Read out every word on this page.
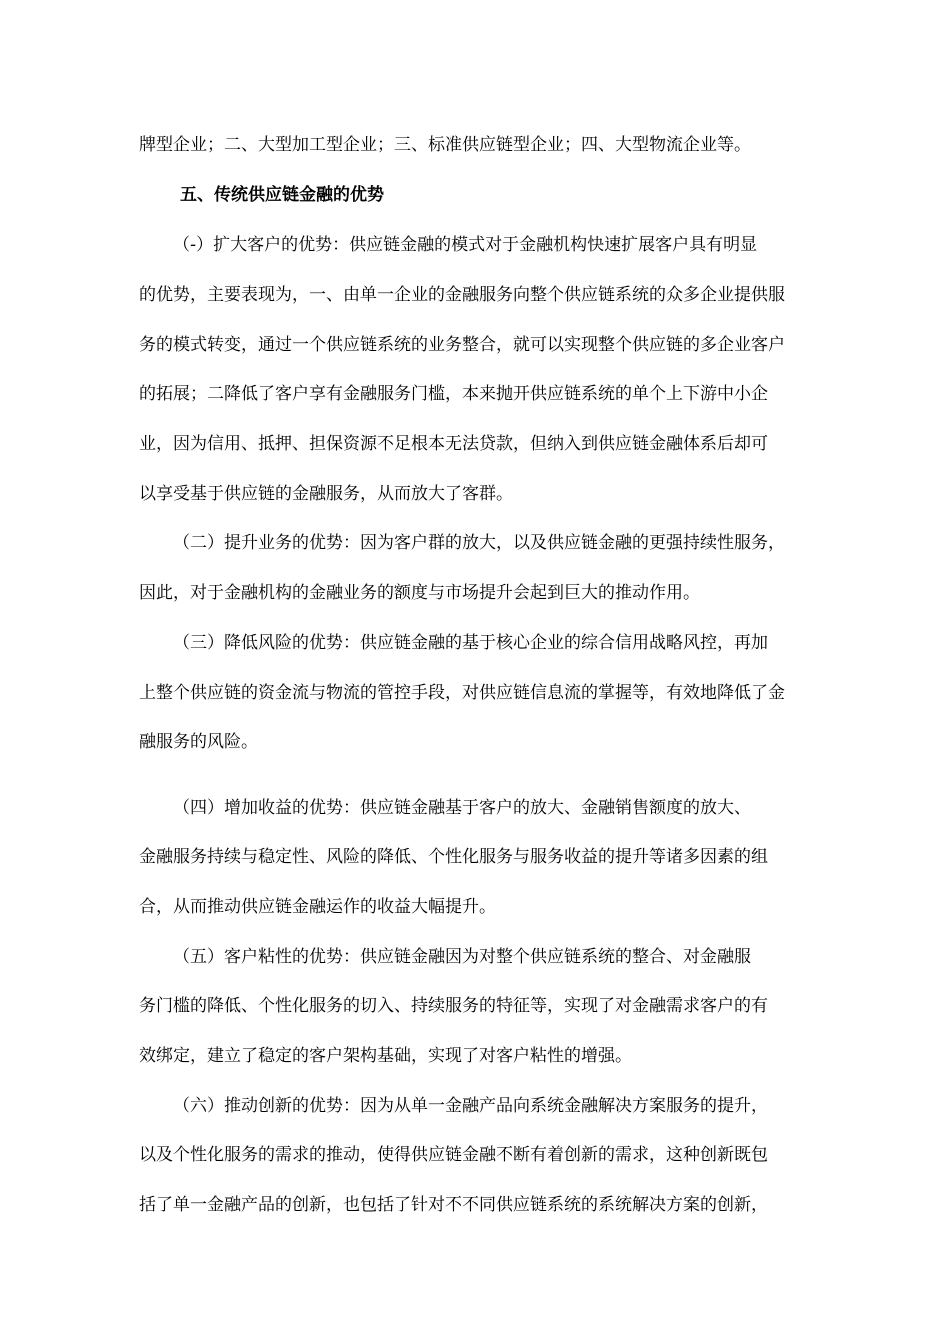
牌型企业；二、大型加工型企业；三、标准供应链型企业；四、大型物流企业等。
五、传统供应链金融的优势
（-）扩大客户的优势：供应链金融的模式对于金融机构快速扩展客户具有明显
的优势，主要表现为，一、由单一企业的金融服务向整个供应链系统的众多企业提供服
务的模式转变，通过一个供应链系统的业务整合，就可以实现整个供应链的多企业客户
的拓展；二降低了客户享有金融服务门槛，本来抛开供应链系统的单个上下游中小企
业，因为信用、抵押、担保资源不足根本无法贷款，但纳入到供应链金融体系后却可
以享受基于供应链的金融服务，从而放大了客群。
（二）提升业务的优势：因为客户群的放大，以及供应链金融的更强持续性服务，
因此，对于金融机构的金融业务的额度与市场提升会起到巨大的推动作用。
（三）降低风险的优势：供应链金融的基于核心企业的综合信用战略风控，再加
上整个供应链的资金流与物流的管控手段，对供应链信息流的掌握等，有效地降低了金
融服务的风险。
（四）增加收益的优势：供应链金融基于客户的放大、金融销售额度的放大、
金融服务持续与稳定性、风险的降低、个性化服务与服务收益的提升等诸多因素的组
合，从而推动供应链金融运作的收益大幅提升。
（五）客户粘性的优势：供应链金融因为对整个供应链系统的整合、对金融服
务门槛的降低、个性化服务的切入、持续服务的特征等，实现了对金融需求客户的有
效绑定，建立了稳定的客户架构基础，实现了对客户粘性的增强。
（六）推动创新的优势：因为从单一金融产品向系统金融解决方案服务的提升，
以及个性化服务的需求的推动，使得供应链金融不断有着创新的需求，这种创新既包
括了单一金融产品的创新，也包括了针对不不同供应链系统的系统解决方案的创新，
